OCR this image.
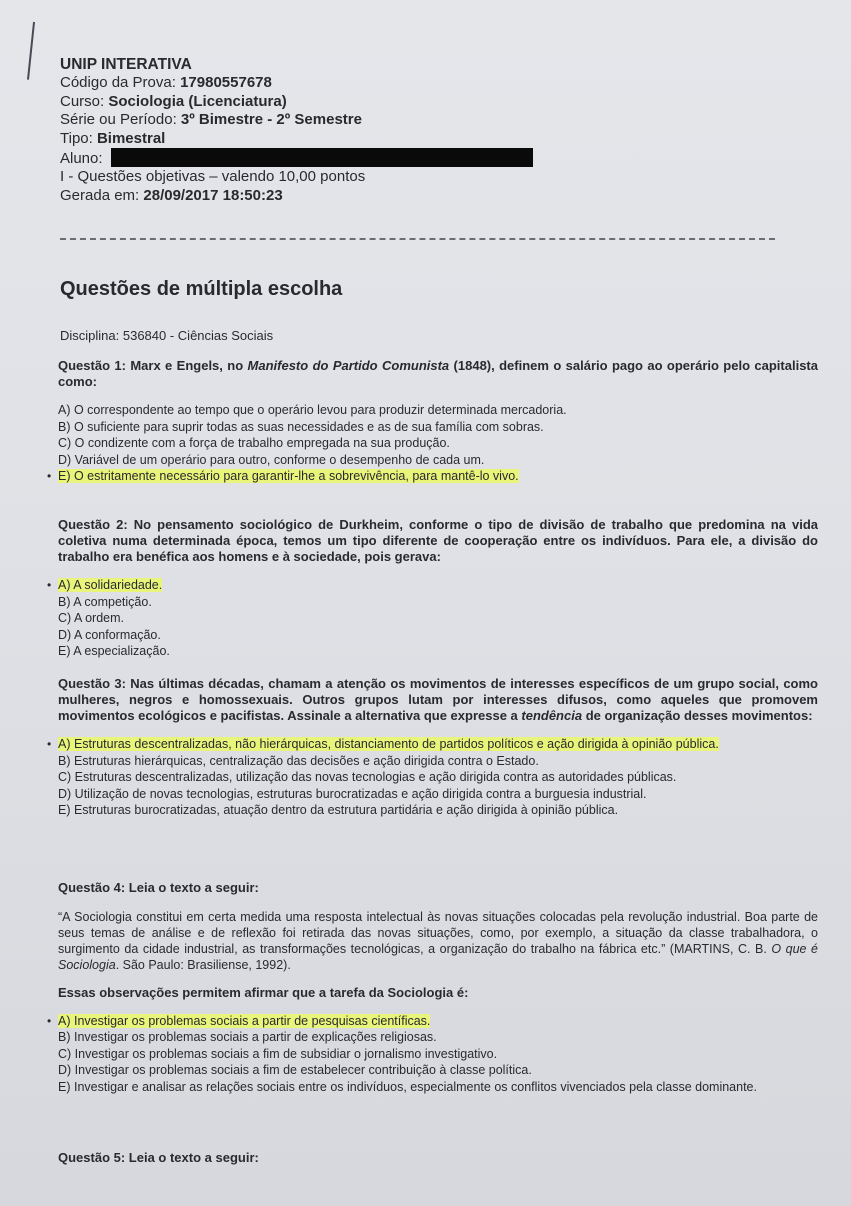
UNIP INTERATIVA
Código da Prova: 17980557678
Curso: Sociologia (Licenciatura)
Série ou Período: 3º Bimestre - 2º Semestre
Tipo: Bimestral
Aluno:
I - Questões objetivas – valendo 10,00 pontos
Gerada em: 28/09/2017 18:50:23
Questões de múltipla escolha
Disciplina: 536840 - Ciências Sociais

Questão 1: Marx e Engels, no Manifesto do Partido Comunista (1848), definem o salário pago ao operário pelo capitalista como:

A) O correspondente ao tempo que o operário levou para produzir determinada mercadoria.
B) O suficiente para suprir todas as suas necessidades e as de sua família com sobras.
C) O condizente com a força de trabalho empregada na sua produção.
D) Variável de um operário para outro, conforme o desempenho de cada um.
• E) O estritamente necessário para garantir-lhe a sobrevivência, para mantê-lo vivo.

Questão 2: No pensamento sociológico de Durkheim, conforme o tipo de divisão de trabalho que predomina na vida coletiva numa determinada época, temos um tipo diferente de cooperação entre os indivíduos. Para ele, a divisão do trabalho era benéfica aos homens e à sociedade, pois gerava:

• A) A solidariedade.
B) A competição.
C) A ordem.
D) A conformação.
E) A especialização.

Questão 3: Nas últimas décadas, chamam a atenção os movimentos de interesses específicos de um grupo social, como mulheres, negros e homossexuais. Outros grupos lutam por interesses difusos, como aqueles que promovem movimentos ecológicos e pacifistas. Assinale a alternativa que expresse a tendência de organização desses movimentos:

• A) Estruturas descentralizadas, não hierárquicas, distanciamento de partidos políticos e ação dirigida à opinião pública.
B) Estruturas hierárquicas, centralização das decisões e ação dirigida contra o Estado.
C) Estruturas descentralizadas, utilização das novas tecnologias e ação dirigida contra as autoridades públicas.
D) Utilização de novas tecnologias, estruturas burocratizadas e ação dirigida contra a burguesia industrial.
E) Estruturas burocratizadas, atuação dentro da estrutura partidária e ação dirigida à opinião pública.

Questão 4: Leia o texto a seguir:

“A Sociologia constitui em certa medida uma resposta intelectual às novas situações colocadas pela revolução industrial. Boa parte de seus temas de análise e de reflexão foi retirada das novas situações, como, por exemplo, a situação da classe trabalhadora, o surgimento da cidade industrial, as transformações tecnológicas, a organização do trabalho na fábrica etc.” (MARTINS, C. B. O que é Sociologia. São Paulo: Brasiliense, 1992).

Essas observações permitem afirmar que a tarefa da Sociologia é:

• A) Investigar os problemas sociais a partir de pesquisas científicas.
B) Investigar os problemas sociais a partir de explicações religiosas.
C) Investigar os problemas sociais a fim de subsidiar o jornalismo investigativo.
D) Investigar os problemas sociais a fim de estabelecer contribuição à classe política.
E) Investigar e analisar as relações sociais entre os indivíduos, especialmente os conflitos vivenciados pela classe dominante.

Questão 5: Leia o texto a seguir:
